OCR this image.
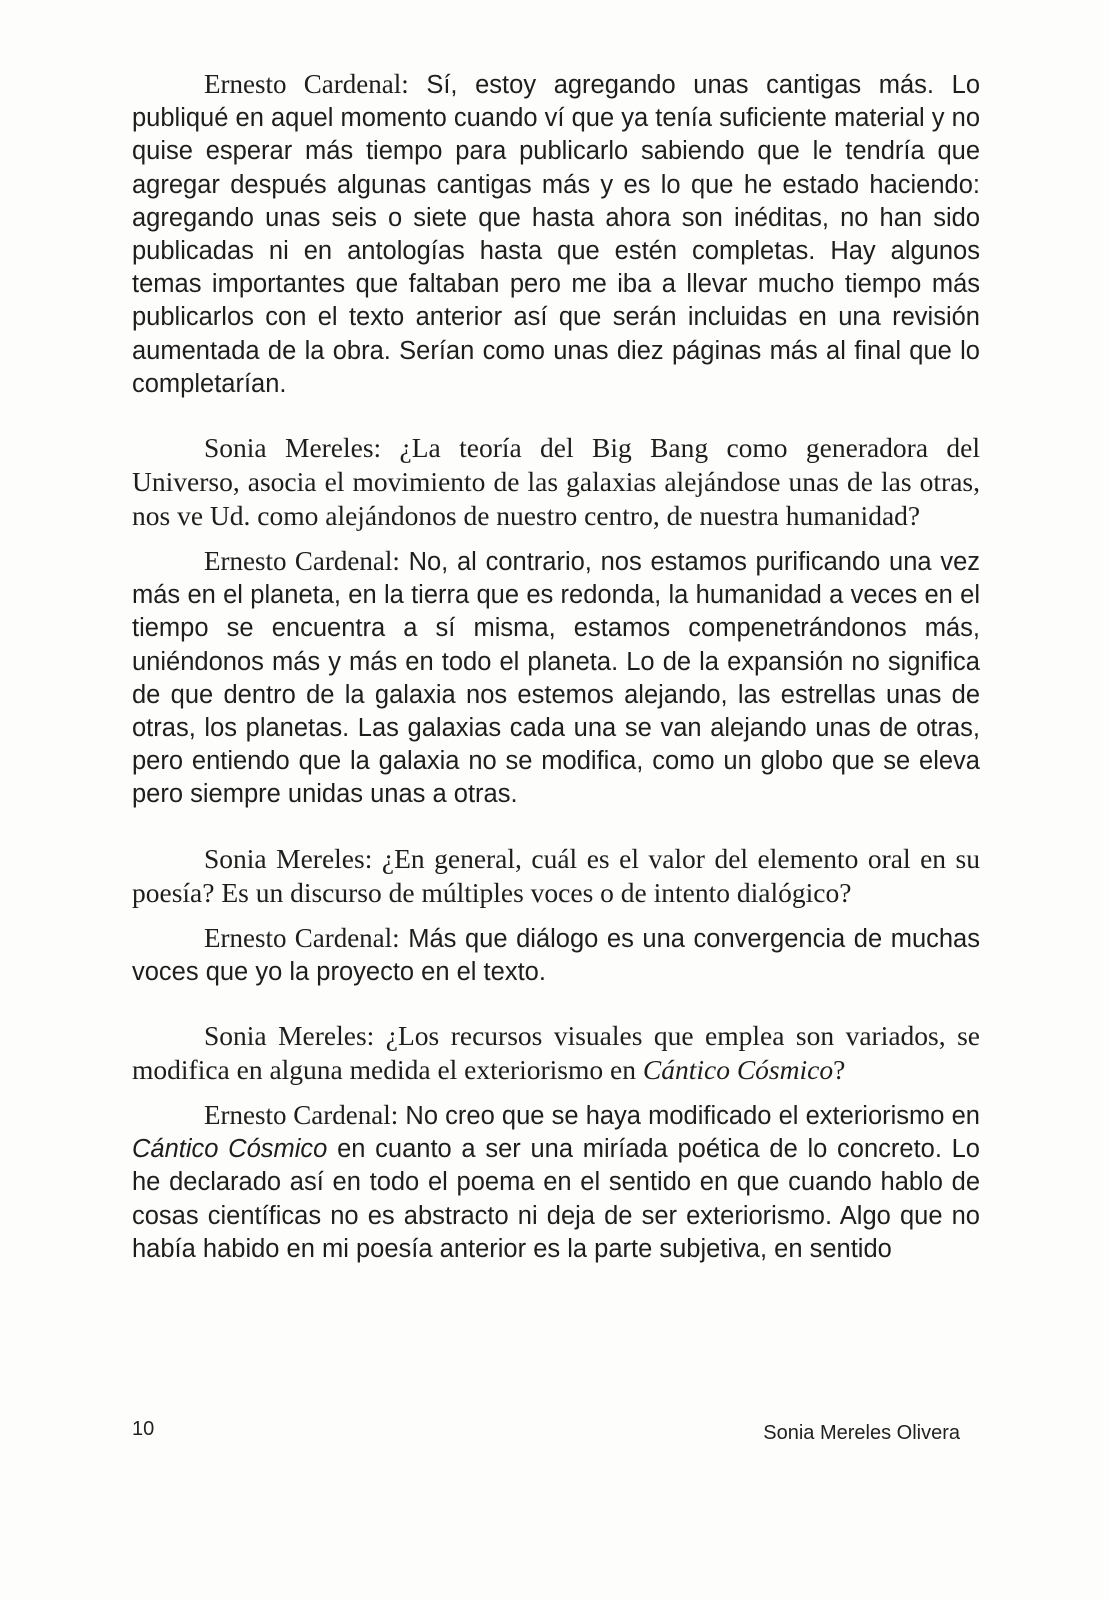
Ernesto Cardenal: Sí, estoy agregando unas cantigas más. Lo publiqué en aquel momento cuando ví que ya tenía suficiente material y no quise esperar más tiempo para publicarlo sabiendo que le tendría que agregar después algunas cantigas más y es lo que he estado haciendo: agregando unas seis o siete que hasta ahora son inéditas, no han sido publicadas ni en antologías hasta que estén completas. Hay algunos temas importantes que faltaban pero me iba a llevar mucho tiempo más publicarlos con el texto anterior así que serán incluidas en una revisión aumentada de la obra. Serían como unas diez páginas más al final que lo completarían.

Sonia Mereles: ¿La teoría del Big Bang como generadora del Universo, asocia el movimiento de las galaxias alejándose unas de las otras, nos ve Ud. como alejándonos de nuestro centro, de nuestra humanidad?

Ernesto Cardenal: No, al contrario, nos estamos purificando una vez más en el planeta, en la tierra que es redonda, la humanidad a veces en el tiempo se encuentra a sí misma, estamos compenetrándonos más, uniéndonos más y más en todo el planeta. Lo de la expansión no significa de que dentro de la galaxia nos estemos alejando, las estrellas unas de otras, los planetas. Las galaxias cada una se van alejando unas de otras, pero entiendo que la galaxia no se modifica, como un globo que se eleva pero siempre unidas unas a otras.

Sonia Mereles: ¿En general, cuál es el valor del elemento oral en su poesía? Es un discurso de múltiples voces o de intento dialógico?

Ernesto Cardenal: Más que diálogo es una convergencia de muchas voces que yo la proyecto en el texto.

Sonia Mereles: ¿Los recursos visuales que emplea son variados, se modifica en alguna medida el exteriorismo en Cántico Cósmico?

Ernesto Cardenal: No creo que se haya modificado el exteriorismo en Cántico Cósmico en cuanto a ser una miríada poética de lo concreto. Lo he declarado así en todo el poema en el sentido en que cuando hablo de cosas científicas no es abstracto ni deja de ser exteriorismo. Algo que no había habido en mi poesía anterior es la parte subjetiva, en sentido

10	Sonia Mereles Olivera
